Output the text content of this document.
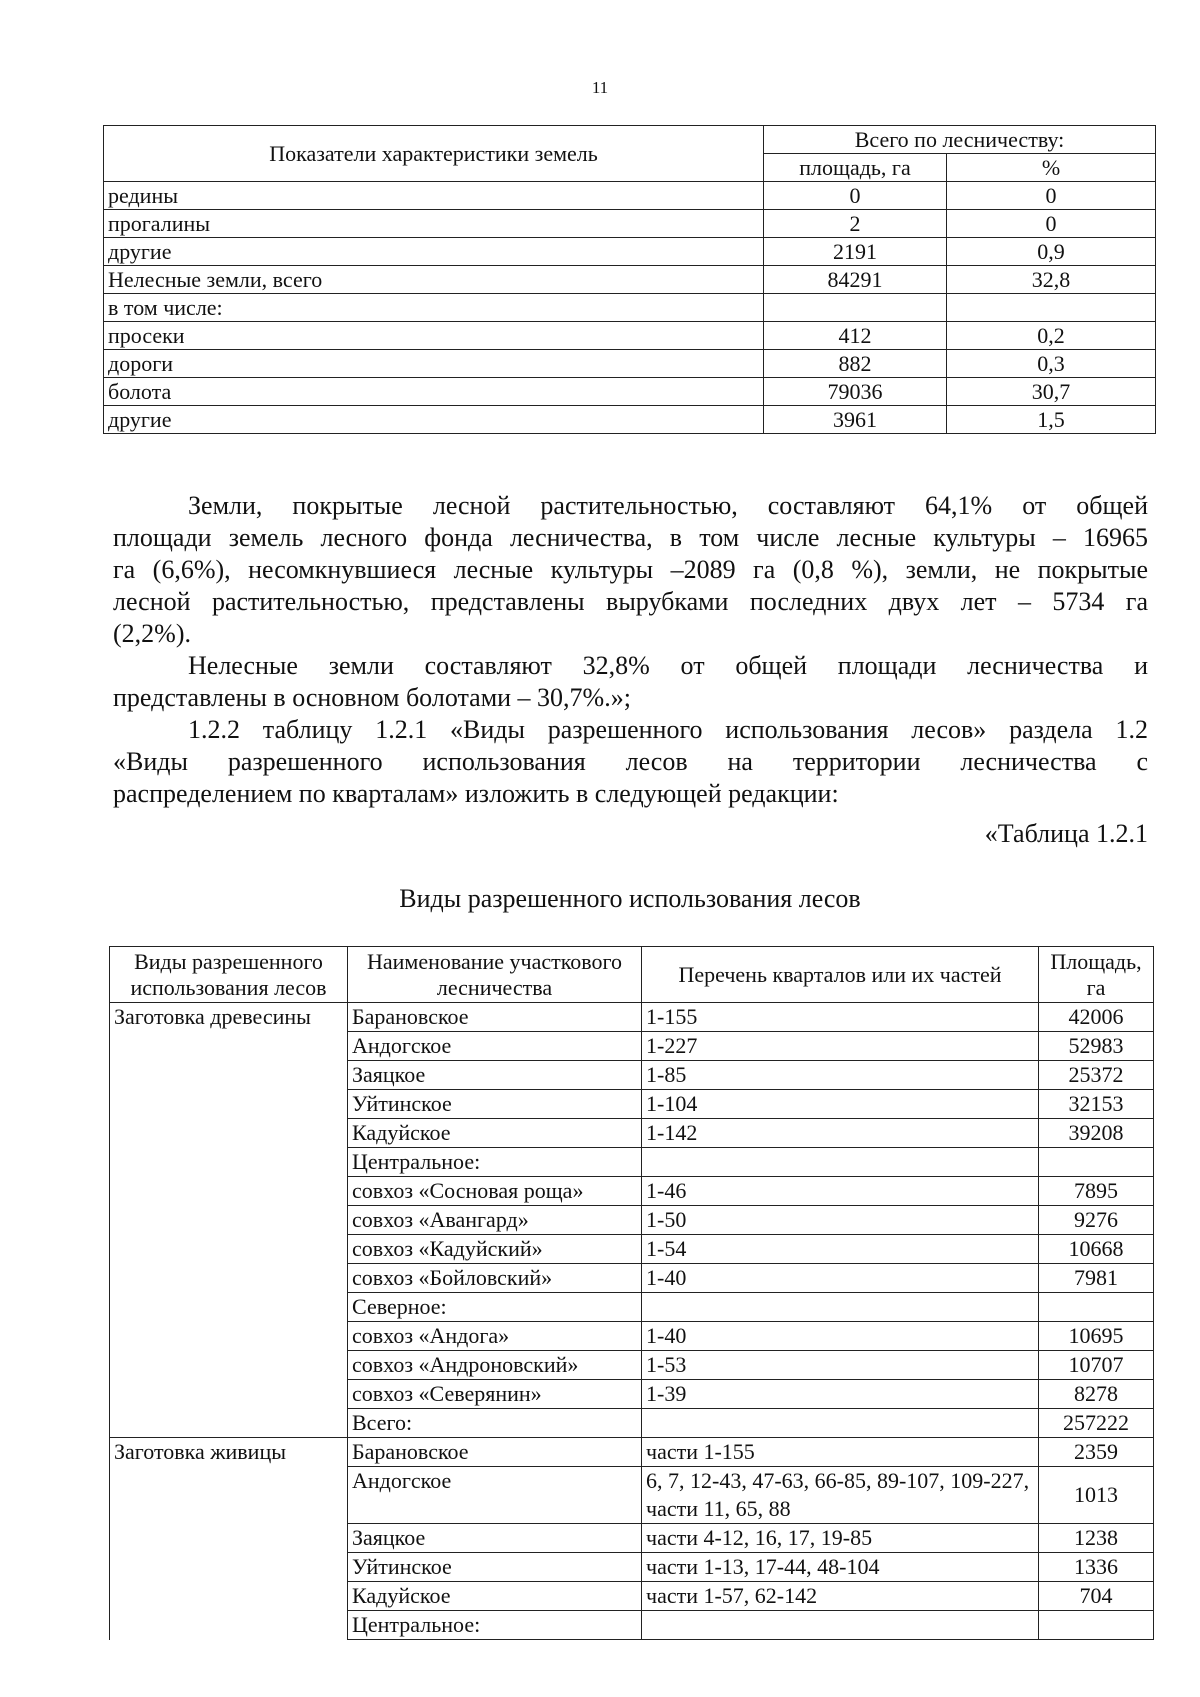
11
Показатели характеристики земель	Всего по лесничеству:	
	площадь, га	%
редины	0	0
прогалины	2	0
другие	2191	0,9
Нелесные земли, всего	84291	32,8
в том числе:		
просеки	412	0,2
дороги	882	0,3
болота	79036	30,7
другие	3961	1,5
Земли, покрытые лесной растительностью, составляют 64,1% от общейплощади земель лесного фонда лесничества, в том числе лесные культуры – 16965га (6,6%), несомкнувшиеся лесные культуры –2089 га (0,8 %), земли, не покрытыелесной растительностью, представлены вырубками последних двух лет – 5734 га(2,2%).
Нелесные земли составляют 32,8% от общей площади лесничества ипредставлены в основном болотами – 30,7%.»;
1.2.2 таблицу 1.2.1 «Виды разрешенного использования лесов» раздела 1.2«Виды разрешенного использования лесов на территории лесничества сраспределением по кварталам» изложить в следующей редакции:
«Таблица 1.2.1
Виды разрешенного использования лесов
Виды разрешенного использования лесов	Наименование участкового лесничества	Перечень кварталов или их частей	Площадь, га
Заготовка древесины	Барановское	1-155	42006
	Андогское	1-227	52983
	Заяцкое	1-85	25372
	Уйтинское	1-104	32153
	Кадуйское	1-142	39208
	Центральное:		
	совхоз «Сосновая роща»	1-46	7895
	совхоз «Авангард»	1-50	9276
	совхоз «Кадуйский»	1-54	10668
	совхоз «Бойловский»	1-40	7981
	Северное:		
	совхоз «Андога»	1-40	10695
	совхоз «Андроновский»	1-53	10707
	совхоз «Северянин»	1-39	8278
	Всего:		257222
Заготовка живицы	Барановское	части 1-155	2359
	Андогское	6, 7, 12-43, 47-63, 66-85, 89-107, 109-227, части 11, 65, 88	1013
	Заяцкое	части 4-12, 16, 17, 19-85	1238
	Уйтинское	части 1-13, 17-44, 48-104	1336
	Кадуйское	части 1-57, 62-142	704
	Центральное:		
